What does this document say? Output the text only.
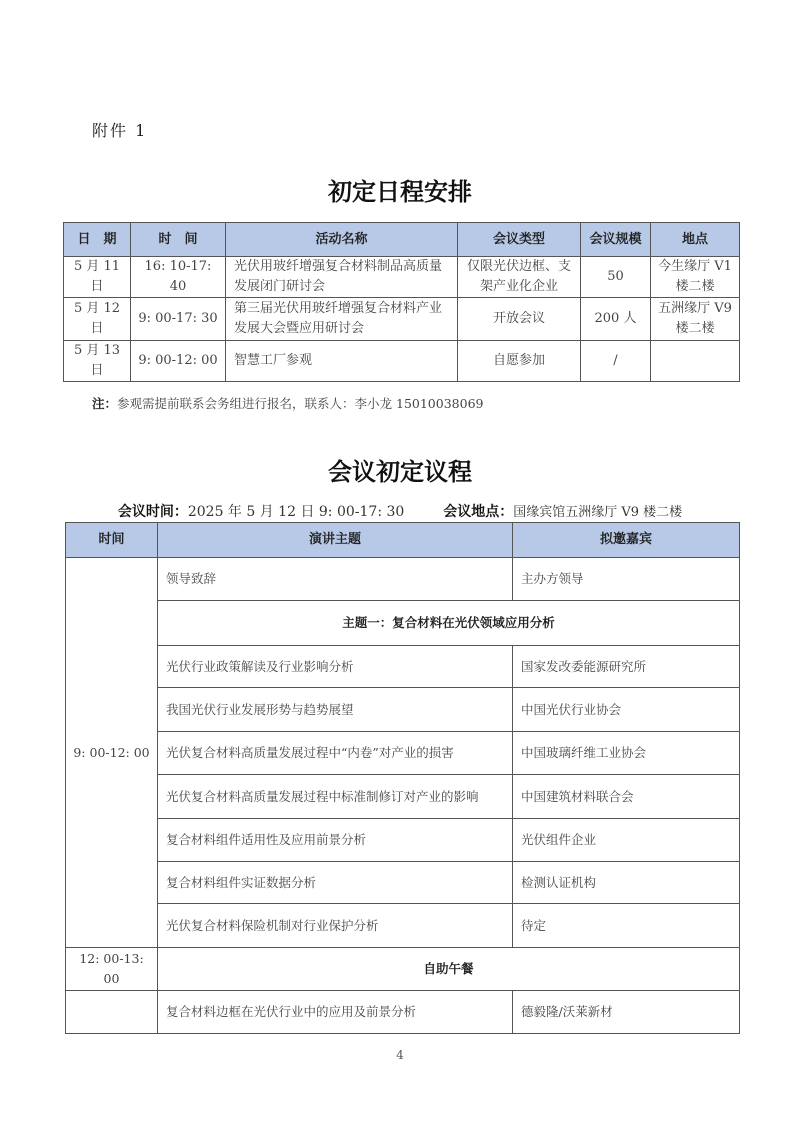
附件 1
初定日程安排
日　期	时　间	活动名称	会议类型	会议规模	地点
5 月 11 日	16: 10-17: 40	光伏用玻纤增强复合材料制品高质量发展闭门研讨会	仅限光伏边框、支架产业化企业	50	今生缘厅 V1 楼二楼
5 月 12 日	9: 00-17: 30	第三届光伏用玻纤增强复合材料产业发展大会暨应用研讨会	开放会议	200 人	五洲缘厅 V9 楼二楼
5 月 13 日	9: 00-12: 00	智慧工厂参观	自愿参加	/	
注：参观需提前联系会务组进行报名，联系人：李小龙 15010038069
会议初定议程
会议时间：2025 年 5 月 12 日 9: 00-17: 30	会议地点：国缘宾馆五洲缘厅 V9 楼二楼
时间	演讲主题	拟邀嘉宾
9: 00-12: 00	领导致辞	主办方领导
	主题一：复合材料在光伏领域应用分析	
	光伏行业政策解读及行业影响分析	国家发改委能源研究所
	我国光伏行业发展形势与趋势展望	中国光伏行业协会
	光伏复合材料高质量发展过程中“内卷”对产业的损害	中国玻璃纤维工业协会
	光伏复合材料高质量发展过程中标准制修订对产业的影响	中国建筑材料联合会
	复合材料组件适用性及应用前景分析	光伏组件企业
	复合材料组件实证数据分析	检测认证机构
	光伏复合材料保险机制对行业保护分析	待定
12: 00-13: 00	自助午餐	
	复合材料边框在光伏行业中的应用及前景分析	德毅隆/沃莱新材
4
